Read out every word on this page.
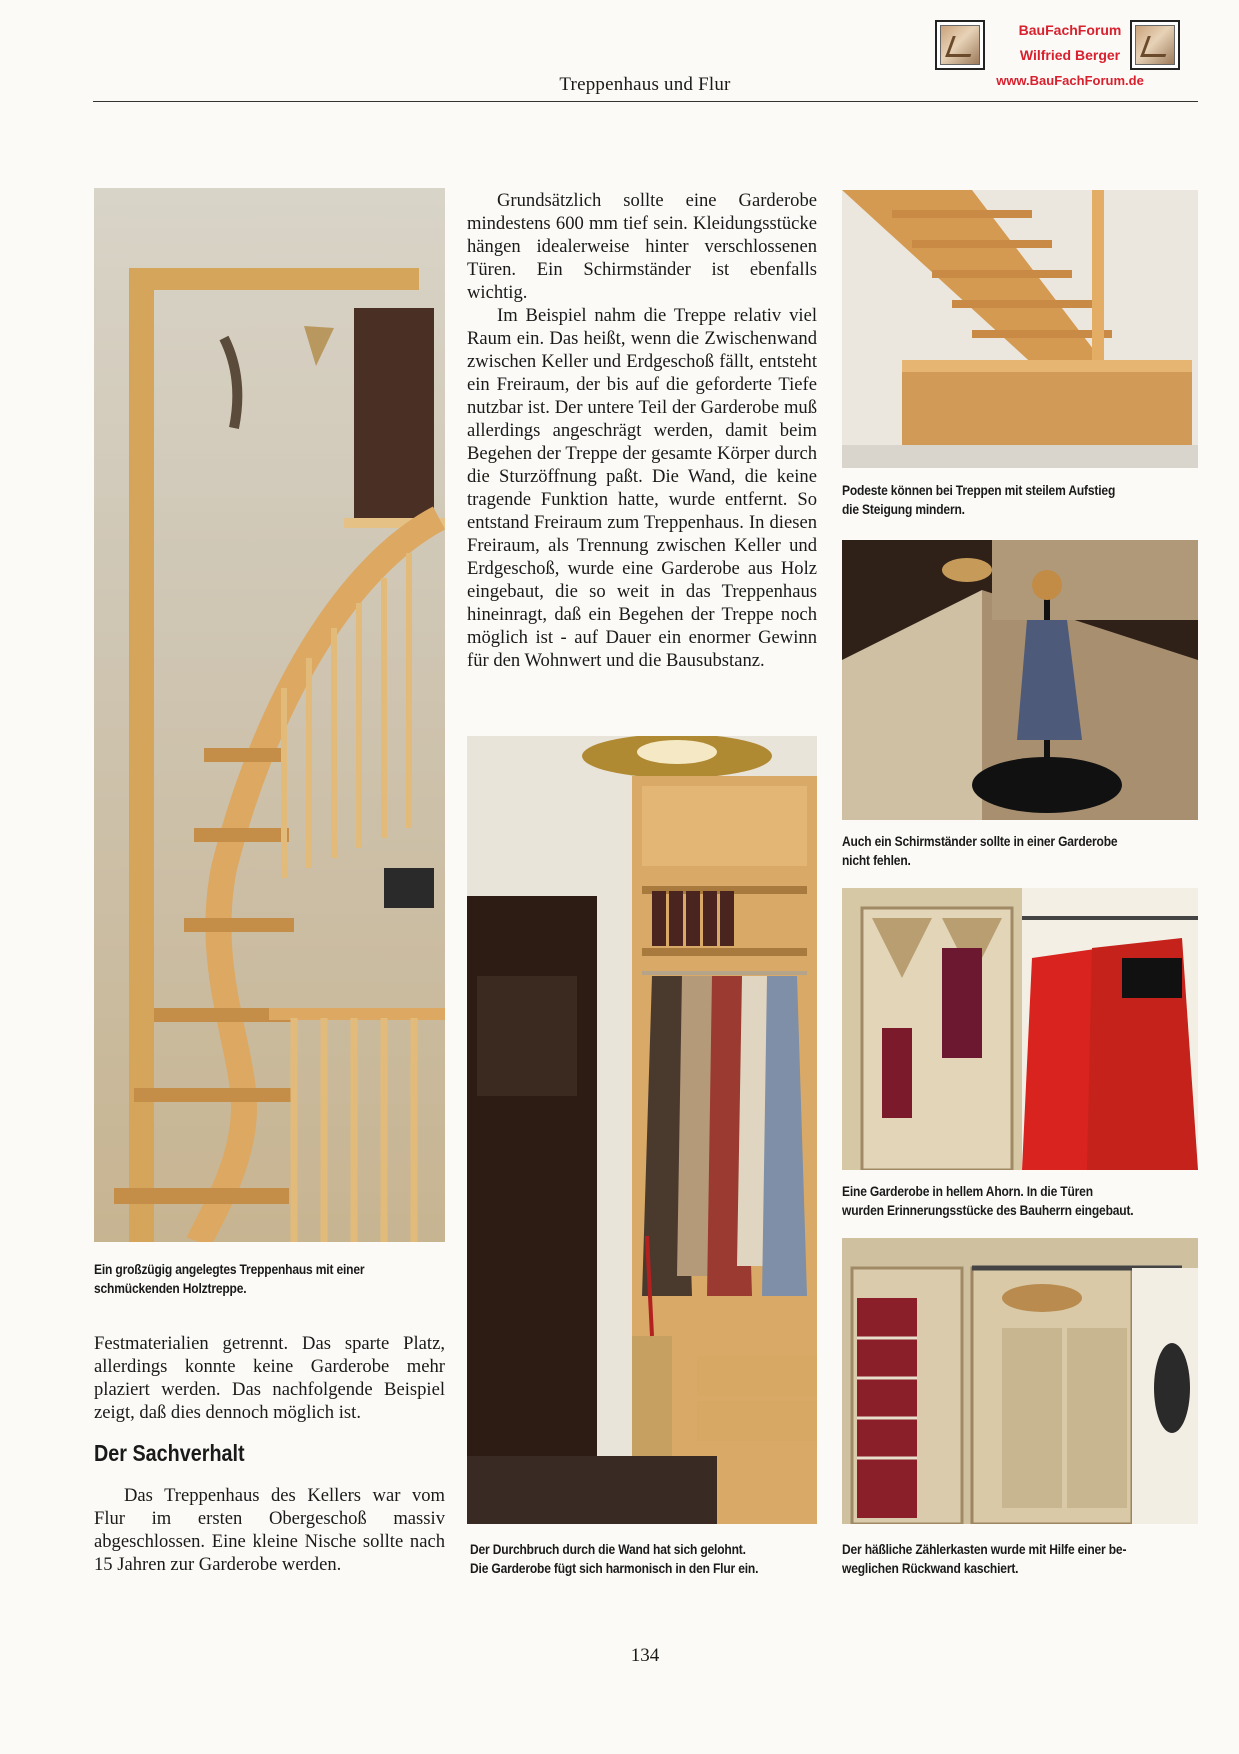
Treppenhaus und Flur
BauFachForum
Wilfried Berger
www.BauFachForum.de
Ein großzügig angelegtes Treppenhaus mit einer
schmückenden Holztreppe.

Grundsätzlich sollte eine Garderobe mindestens 600 mm tief sein. Kleidungsstücke hängen idealerweise hinter verschlossenen Türen. Ein Schirmständer ist ebenfalls wichtig.

Im Beispiel nahm die Treppe relativ viel Raum ein. Das heißt, wenn die Zwischenwand zwischen Keller und Erdgeschoß fällt, entsteht ein Freiraum, der bis auf die geforderte Tiefe nutzbar ist. Der untere Teil der Garderobe muß allerdings angeschrägt werden, damit beim Begehen der Treppe der gesamte Körper durch die Sturzöffnung paßt. Die Wand, die keine tragende Funktion hatte, wurde entfernt. So entstand Freiraum zum Treppenhaus. In diesen Freiraum, als Trennung zwischen Keller und Erdgeschoß, wurde eine Garderobe aus Holz eingebaut, die so weit in das Treppenhaus hineinragt, daß ein Begehen der Treppe noch möglich ist - auf Dauer ein enormer Gewinn für den Wohnwert und die Bausubstanz.

Festmaterialien getrennt. Das sparte Platz, allerdings konnte keine Garderobe mehr plaziert werden. Das nachfolgende Beispiel zeigt, daß dies dennoch möglich ist.

Der Sachverhalt

Das Treppenhaus des Kellers war vom Flur im ersten Obergeschoß massiv abgeschlossen. Eine kleine Nische sollte nach 15 Jahren zur Garderobe werden.

Der Durchbruch durch die Wand hat sich gelohnt.
Die Garderobe fügt sich harmonisch in den Flur ein.
Podeste können bei Treppen mit steilem Aufstieg
die Steigung mindern.
Auch ein Schirmständer sollte in einer Garderobe
nicht fehlen.
Eine Garderobe in hellem Ahorn. In die Türen
wurden Erinnerungsstücke des Bauherrn eingebaut.
Der häßliche Zählerkasten wurde mit Hilfe einer be-
weglichen Rückwand kaschiert.
134
